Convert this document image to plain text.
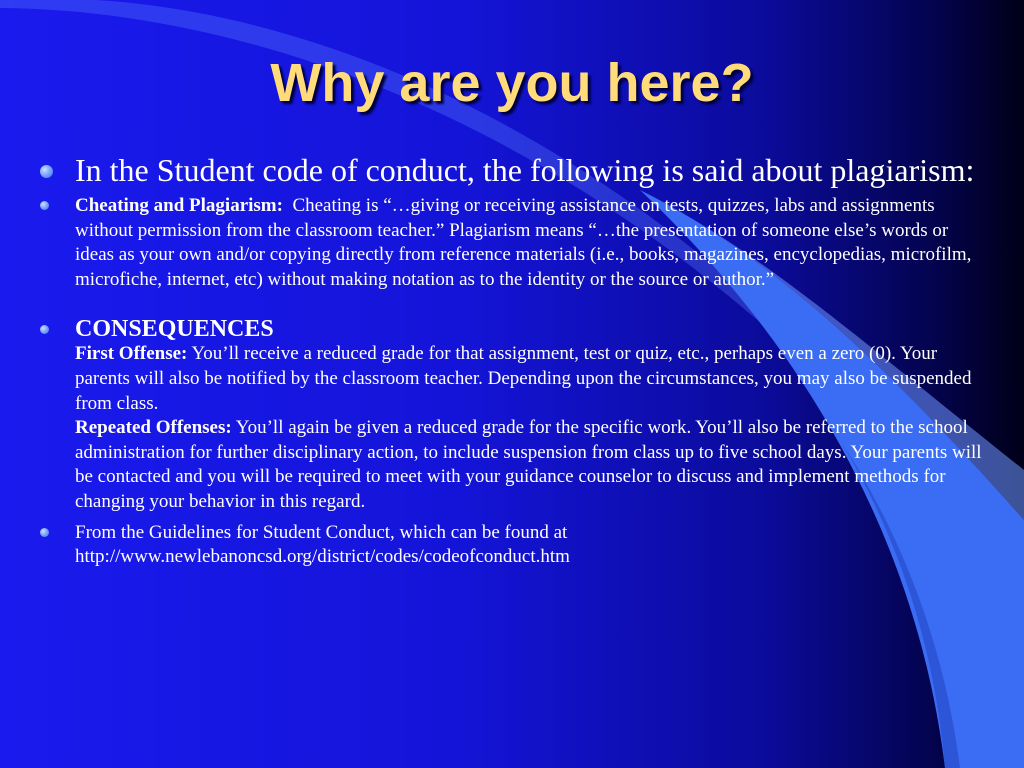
Why are you here?
In the Student code of conduct, the following is said about plagiarism:
Cheating and Plagiarism: Cheating is “…giving or receiving assistance on tests, quizzes, labs and assignments without permission from the classroom teacher.” Plagiarism means “…the presentation of someone else’s words or ideas as your own and/or copying directly from reference materials (i.e., books, magazines, encyclopedias, microfilm, microfiche, internet, etc) without making notation as to the identity or the source or author.”
CONSEQUENCES
First Offense: You’ll receive a reduced grade for that assignment, test or quiz, etc., perhaps even a zero (0). Your parents will also be notified by the classroom teacher. Depending upon the circumstances, you may also be suspended from class.
Repeated Offenses: You’ll again be given a reduced grade for the specific work. You’ll also be referred to the school administration for further disciplinary action, to include suspension from class up to five school days. Your parents will be contacted and you will be required to meet with your guidance counselor to discuss and implement methods for changing your behavior in this regard.
From the Guidelines for Student Conduct, which can be found at
http://www.newlebanoncsd.org/district/codes/codeofconduct.htm
